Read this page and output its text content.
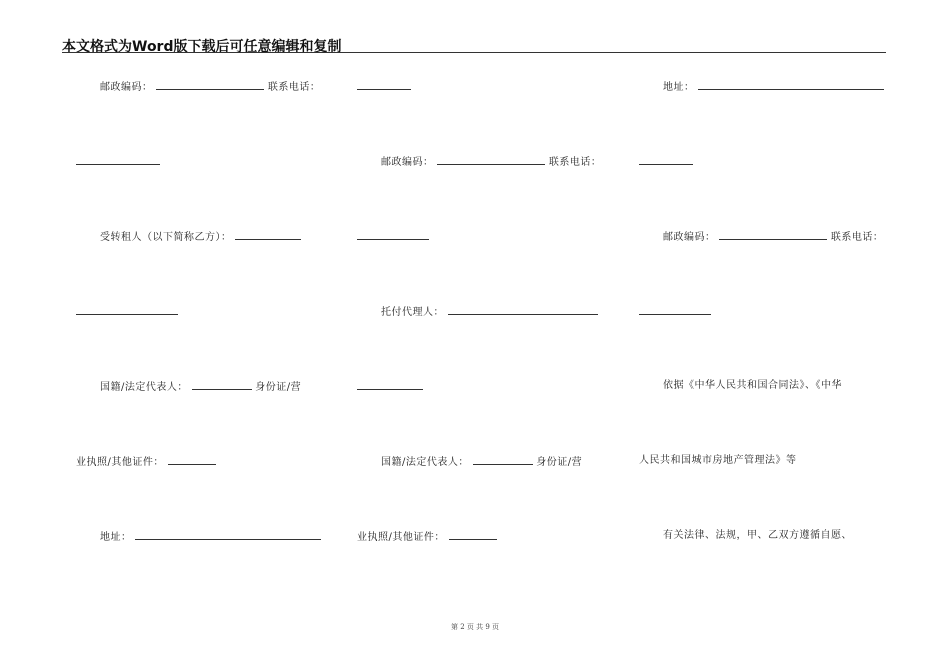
本文格式为Word版下载后可任意编辑和复制
邮政编码：	联系电话：
受转租人（以下简称乙方）：
国籍/法定代表人：	身份证/营
业执照/其他证件：
地址：
邮政编码：	联系电话：
托付代理人：
国籍/法定代表人：	身份证/营
业执照/其他证件：
地址：
邮政编码：	联系电话：
依据《中华人民共和国合同法》、《中华
人民共和国城市房地产管理法》等
有关法律、法规，甲、乙双方遵循自愿、
第 2 页 共 9 页
